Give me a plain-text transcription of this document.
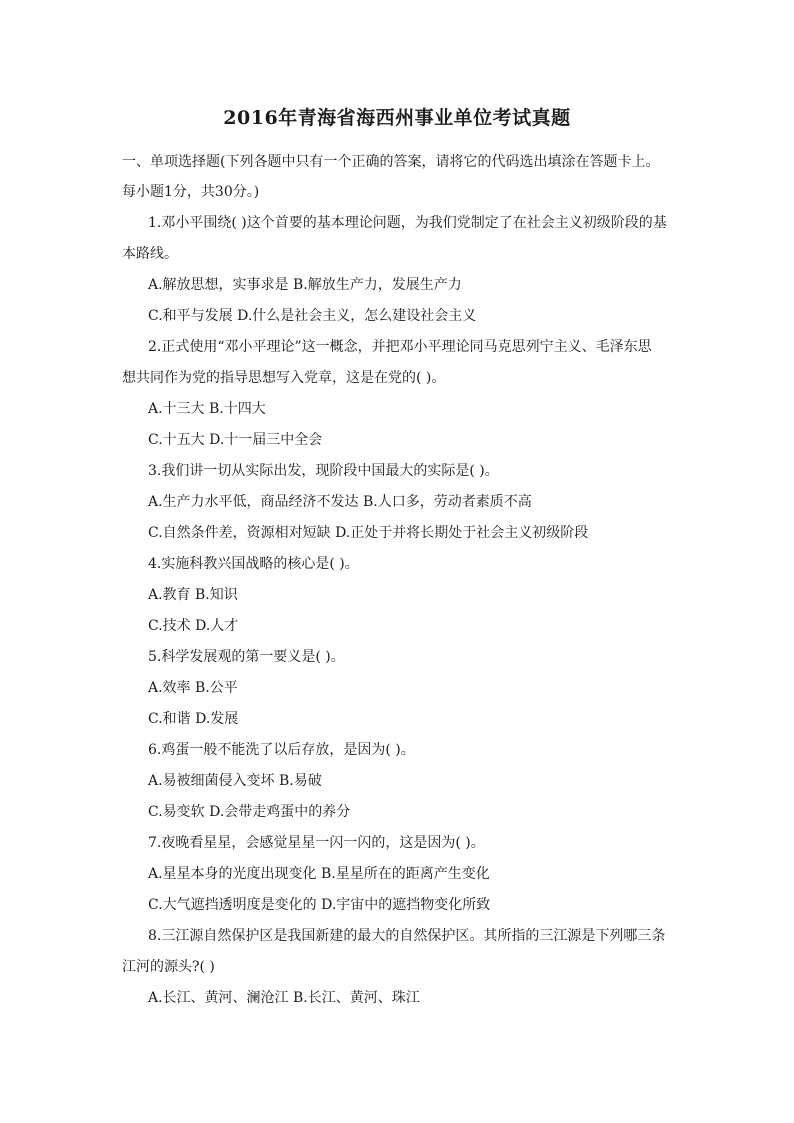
2016年青海省海西州事业单位考试真题
一、单项选择题(下列各题中只有一个正确的答案，请将它的代码选出填涂在答题卡上。
每小题1分，共30分。)
1.邓小平围绕( )这个首要的基本理论问题，为我们党制定了在社会主义初级阶段的基
本路线。
A.解放思想，实事求是 B.解放生产力，发展生产力
C.和平与发展 D.什么是社会主义，怎么建设社会主义
2.正式使用“邓小平理论”这一概念，并把邓小平理论同马克思列宁主义、毛泽东思
想共同作为党的指导思想写入党章，这是在党的( )。
A.十三大 B.十四大
C.十五大 D.十一届三中全会
3.我们讲一切从实际出发，现阶段中国最大的实际是( )。
A.生产力水平低，商品经济不发达 B.人口多，劳动者素质不高
C.自然条件差，资源相对短缺 D.正处于并将长期处于社会主义初级阶段
4.实施科教兴国战略的核心是( )。
A.教育 B.知识
C.技术 D.人才
5.科学发展观的第一要义是( )。
A.效率 B.公平
C.和谐 D.发展
6.鸡蛋一般不能洗了以后存放，是因为( )。
A.易被细菌侵入变坏 B.易破
C.易变软 D.会带走鸡蛋中的养分
7.夜晚看星星，会感觉星星一闪一闪的，这是因为( )。
A.星星本身的光度出现变化 B.星星所在的距离产生变化
C.大气遮挡透明度是变化的 D.宇宙中的遮挡物变化所致
8.三江源自然保护区是我国新建的最大的自然保护区。其所指的三江源是下列哪三条
江河的源头?( )
A.长江、黄河、澜沧江 B.长江、黄河、珠江
